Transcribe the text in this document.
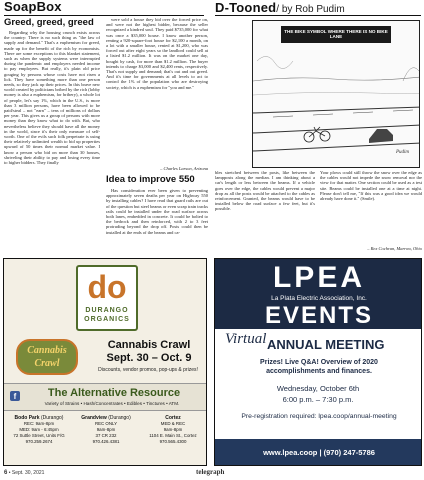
SoapBox
Greed, greed, greed

Regarding why the housing crunch exists across the country: There is no such thing as "the law of supply and demand." That's a euphemism for greed, made up for the benefit of the rich by economists. There are some exceptions to this blanket statement, such as when the supply systems were interrupted during the pandemic and employers needed income to pay employees. But really, it's plain old price gouging by persons whose costs have not risen a lick. They have something more than one person needs, so they jack up their prices. In this brave new world created by politicians bribed by the rich (lobby money is also a euphemism, for bribery), a whole lot of people, let's say 1%, which in the U.S., is more than 3 million persons, have been allowed to be paid/steal – not "earn" – tens of millions of dollars per year. This gives us a group of persons with more money than they know what to do with. But, who nevertheless believe they should have all the money in the world, since it's their only measure of self-worth. One of the evils such folk perpetrate is using their relatively unlimited wealth to bid up properties upward of 50 times their normal market value. I know a person who bid on more than 30 houses, shriveling their ability to pay and losing every time to higher bidders. They finally

were sold a house they bid over the forced price on, and were not the highest bidder, because the seller recognized a kindred soul. They paid $735,000 for what was once a $35,000 house. I know another person, renting a 920-square-foot house for $2,100 a month, on a lot with a smaller house, rented at $1,200, who was forced out after eight years so the landlord could sell at a listed $1.2 million. It was on the market one day, bought by cash, for more than $1.2 million. The buyer intends to charge $3,000 and $2,400 rents, respectively. That's not supply and demand; that's out and out greed. And it's time for governments at all levels to act to control the 1% of the population who are destroying society, which is a euphemism for "you and me."

– Charles Larson, Arizona
Idea to improve 550

Has consideration ever been given to preventing approximately seven deaths per year on Highway 550 by installing cables? I have read that guard rails are out of the question but steel beams or even scrap train tracks rails could be installed under the road surface across both lanes, embedded in concrete. It could be bolted to the bedrock and then reinforced, with 2 to 3 feet protruding beyond the drop off. Posts could then be installed at the ends of the beams and ca-

D-Tooned/ by Rob Pudim
THE BIKE SYMBOL WHERE THERE IS NO BIKE LANE
Pudim

bles stretched between the posts, like between the lampposts along the median. I am thinking about a car's length or less between the beams. If a vehicle goes over the edge, the cables would prevent a major drop as all the posts would be attached to the cables as reinforcement. Granted, the beams would have to be installed below the road surface a few feet, but it's possible.

Your plows could still throw the snow over the edge as the cables would not impede the snow removal nor the view for that matter. One section could be used as a test site. Beams could be installed one at a time at night. Please don't tell me, "If this was a good idea we would already have done it." (Smile).

– Rex Cochran, Marrow, Ohio
do
DURANGO
ORGANICS
Cannabis
Crawl
Cannabis Crawl
Sept. 30 – Oct. 9
Discounts, vendor promos, pop-ups & prizes!
f	The Alternative Resource
Variety of Strains • Hash/Concentrates • Edibles • Tinctures • ATM.
Bodo Park (Durango)
REC: 9am-8pm
MED: 9am - 6:45pm
72 Suttle Street, Units F/G
970.259.2674
Grandview (Durango)
REC ONLY
9am-8pm
37 CR 232
970.426.4381
Cortez
MED & REC
9am-8pm
1104 E. Main St., Cortez
970.565.4300
LPEA
La Plata Electric Association, Inc.
EVENTS
Virtual ANNUAL MEETING
Prizes! Live Q&A! Overview of 2020 accomplishments and finances.
Wednesday, October 6th
6:00 p.m. – 7:30 p.m.
Pre-registration required: lpea.coop/annual-meeting
www.lpea.coop | (970) 247-5786
6 • Sept. 30, 2021	telegraph
